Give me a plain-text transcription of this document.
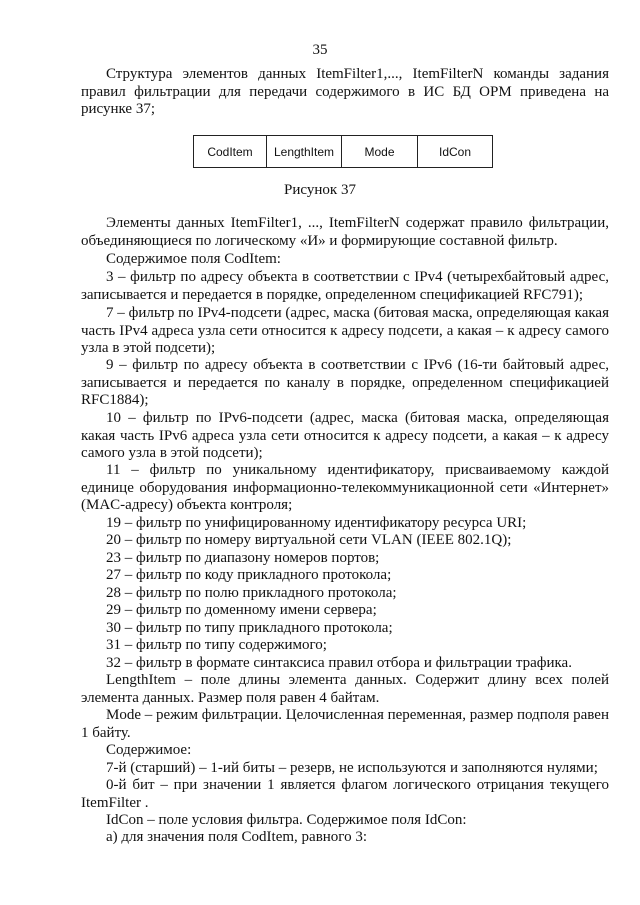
35

Структура элементов данных ItemFilter1,..., ItemFilterN команды задания правил фильтрации для передачи содержимого в ИС БД ОРМ приведена на рисунке 37;

CodItem	LengthItem	Mode	IdCon
Рисунок 37

Элементы данных ItemFilter1, ..., ItemFilterN содержат правило фильтрации, объединяющиеся по логическому «И» и формирующие составной фильтр.

Содержимое поля CodItem:

3 – фильтр по адресу объекта в соответствии с IPv4 (четырехбайтовый адрес, записывается и передается в порядке, определенном спецификацией RFC791);

7 – фильтр по IPv4-подсети (адрес, маска (битовая маска, определяющая какая часть IPv4 адреса узла сети относится к адресу подсети, а какая – к адресу самого узла в этой подсети);

9 – фильтр по адресу объекта в соответствии с IPv6 (16-ти байтовый адрес, записывается и передается по каналу в порядке, определенном спецификацией RFC1884);

10 – фильтр по IPv6-подсети (адрес, маска (битовая маска, определяющая какая часть IPv6 адреса узла сети относится к адресу подсети, а какая – к адресу самого узла в этой подсети);

11 – фильтр по уникальному идентификатору, присваиваемому каждой единице оборудования информационно-телекоммуникационной сети «Интернет» (MAC-адресу) объекта контроля;

19 – фильтр по унифицированному идентификатору ресурса URI;

20 – фильтр по номеру виртуальной сети VLAN (IEEE 802.1Q);

23 – фильтр по диапазону номеров портов;

27 – фильтр по коду прикладного протокола;

28 – фильтр по полю прикладного протокола;

29 – фильтр по доменному имени сервера;

30 – фильтр по типу прикладного протокола;

31 – фильтр по типу содержимого;

32 – фильтр в формате синтаксиса правил отбора и фильтрации трафика.

LengthItem – поле длины элемента данных. Содержит длину всех полей элемента данных. Размер поля равен 4 байтам.

Mode – режим фильтрации. Целочисленная переменная, размер подполя равен 1 байту.

Содержимое:

7-й (старший) – 1-ий биты – резерв, не используются и заполняются нулями;

0-й бит – при значении 1 является флагом логического отрицания текущего ItemFilter .

IdCon – поле условия фильтра. Содержимое поля IdCon:

а) для значения поля CodItem, равного 3:
